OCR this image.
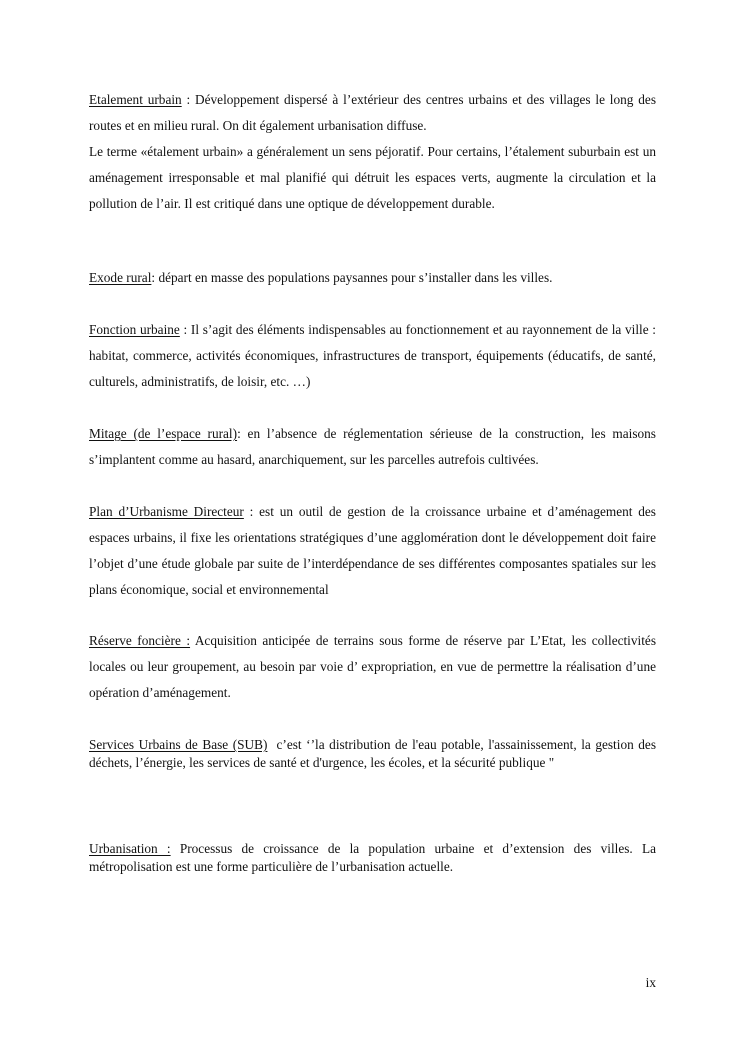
Etalement urbain : Développement dispersé à l’extérieur des centres urbains et des villages le long des routes et en milieu rural. On dit également urbanisation diffuse.
Le terme «étalement urbain» a généralement un sens péjoratif. Pour certains, l’étalement suburbain est un aménagement irresponsable et mal planifié qui détruit les espaces verts, augmente la circulation et la pollution de l’air. Il est critiqué dans une optique de développement durable.

Exode rural: départ en masse des populations paysannes pour s’installer dans les villes.

Fonction urbaine : Il s’agit des éléments indispensables au fonctionnement et au rayonnement de la ville : habitat, commerce, activités économiques, infrastructures de transport, équipements (éducatifs, de santé, culturels, administratifs, de loisir, etc. …)

Mitage (de l’espace rural): en l’absence de réglementation sérieuse de la construction, les maisons s’implantent comme au hasard, anarchiquement, sur les parcelles autrefois cultivées.

Plan d’Urbanisme Directeur : est un outil de gestion de la croissance urbaine et d’aménagement des espaces urbains, il fixe les orientations stratégiques d’une agglomération dont le développement doit faire l’objet d’une étude globale par suite de l’interdépendance de ses différentes composantes spatiales sur les plans économique, social et environnemental

Réserve foncière : Acquisition anticipée de terrains sous forme de réserve par L’Etat, les collectivités locales ou leur groupement, au besoin par voie d’ expropriation, en vue de permettre la réalisation d’une opération d’aménagement.

Services Urbains de Base (SUB) c’est ‘’la distribution de l'eau potable, l'assainissement, la gestion des déchets, l’énergie, les services de santé et d'urgence, les écoles, et la sécurité publique "

Urbanisation : Processus de croissance de la population urbaine et d’extension des villes. La métropolisation est une forme particulière de l’urbanisation actuelle.

ix
